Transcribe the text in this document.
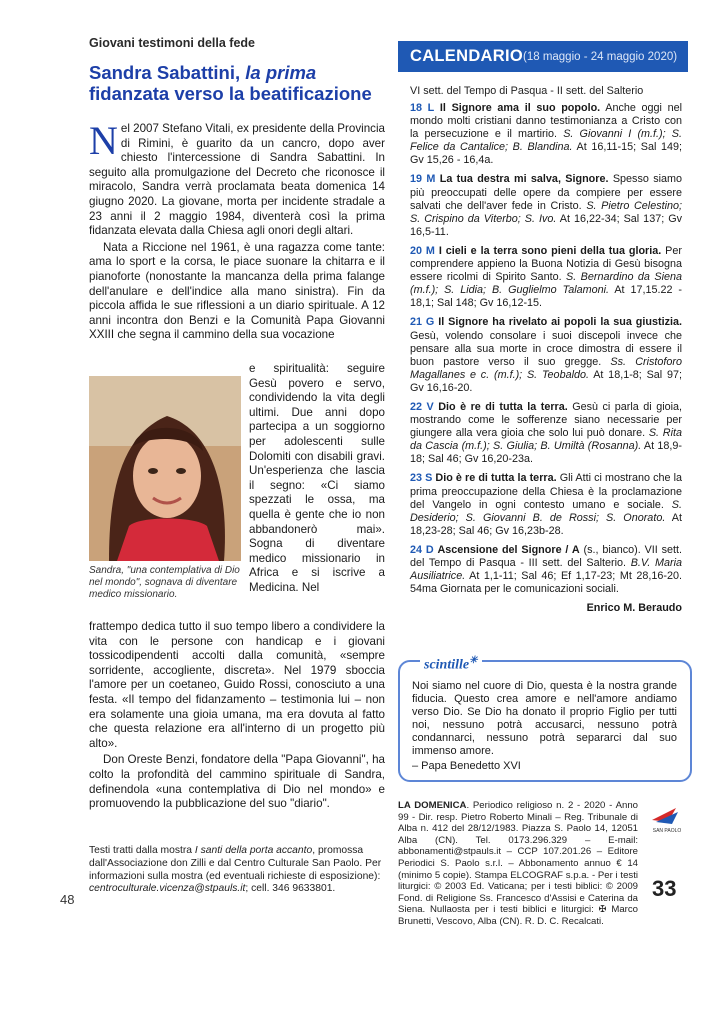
Giovani testimoni della fede
Sandra Sabattini, la prima
fidanzata verso la beatificazione

Nel 2007 Stefano Vitali, ex presidente della Provincia di Rimini, è guarito da un cancro, dopo aver chiesto l'intercessione di Sandra Sabattini. In seguito alla promulgazione del Decreto che riconosce il miracolo, Sandra verrà proclamata beata domenica 14 giugno 2020. La giovane, morta per incidente stradale a 23 anni il 2 maggio 1984, diventerà così la prima fidanzata elevata dalla Chiesa agli onori degli altari.

Nata a Riccione nel 1961, è una ragazza come tante: ama lo sport e la corsa, le piace suonare la chitarra e il pianoforte (nonostante la mancanza della prima falange dell'anulare e dell'indice alla mano sinistra). Fin da piccola affida le sue riflessioni a un diario spirituale. A 12 anni incontra don Benzi e la Comunità Papa Giovanni XXIII che segna il cammino della sua vocazione

e spiritualità: seguire Gesù povero e servo, condividendo la vita degli ultimi. Due anni dopo partecipa a un soggiorno per adolescenti sulle Dolomiti con disabili gravi. Un'esperienza che lascia il segno: «Ci siamo spezzati le ossa, ma quella è gente che io non abbandonerò mai». Sogna di diventare medico missionario in Africa e si iscrive a Medicina. Nel
Sandra, "una contemplativa di Dio nel mondo", sognava di diventare medico missionario.

frattempo dedica tutto il suo tempo libero a condividere la vita con le persone con handicap e i giovani tossicodipendenti accolti dalla comunità, «sempre sorridente, accogliente, discreta». Nel 1979 sboccia l'amore per un coetaneo, Guido Rossi, conosciuto a una festa. «Il tempo del fidanzamento – testimonia lui – non era solamente una gioia umana, ma era dovuta al fatto che questa relazione era all'interno di un progetto più alto».

Don Oreste Benzi, fondatore della "Papa Giovanni", ha colto la profondità del cammino spirituale di Sandra, definendola «una contemplativa di Dio nel mondo» e promuovendo la pubblicazione del suo "diario".

Testi tratti dalla mostra I santi della porta accanto, promossa dall'Associazione don Zilli e dal Centro Culturale San Paolo. Per informazioni sulla mostra (ed eventuali richieste di esposizione): centroculturale.vicenza@stpauls.it; cell. 346 9633801.
48
CALENDARIO (18 maggio - 24 maggio 2020)
VI sett. del Tempo di Pasqua - II sett. del Salterio
18 L Il Signore ama il suo popolo. Anche oggi nel mondo molti cristiani danno testimonianza a Cristo con la persecuzione e il martirio. S. Giovanni I (m.f.); S. Felice da Cantalice; B. Blandina. At 16,11-15; Sal 149; Gv 15,26 - 16,4a.
19 M La tua destra mi salva, Signore. Spesso siamo più preoccupati delle opere da compiere per essere salvati che dell'aver fede in Cristo. S. Pietro Celestino; S. Crispino da Viterbo; S. Ivo. At 16,22-34; Sal 137; Gv 16,5-11.
20 M I cieli e la terra sono pieni della tua gloria. Per comprendere appieno la Buona Notizia di Gesù bisogna essere ricolmi di Spirito Santo. S. Bernardino da Siena (m.f.); S. Lidia; B. Guglielmo Talamoni. At 17,15.22 - 18,1; Sal 148; Gv 16,12-15.
21 G Il Signore ha rivelato ai popoli la sua giustizia. Gesù, volendo consolare i suoi discepoli invece che pensare alla sua morte in croce dimostra di essere il buon pastore verso il suo gregge. Ss. Cristoforo Magallanes e c. (m.f.); S. Teobaldo. At 18,1-8; Sal 97; Gv 16,16-20.
22 V Dio è re di tutta la terra. Gesù ci parla di gioia, mostrando come le sofferenze siano necessarie per giungere alla vera gioia che solo lui può donare. S. Rita da Cascia (m.f.); S. Giulia; B. Umiltà (Rosanna). At 18,9-18; Sal 46; Gv 16,20-23a.
23 S Dio è re di tutta la terra. Gli Atti ci mostrano che la prima preoccupazione della Chiesa è la proclamazione del Vangelo in ogni contesto umano e sociale. S. Desiderio; S. Giovanni B. de Rossi; S. Onorato. At 18,23-28; Sal 46; Gv 16,23b-28.
24 D Ascensione del Signore / A (s., bianco). VII sett. del Tempo di Pasqua - III sett. del Salterio. B.V. Maria Ausiliatrice. At 1,1-11; Sal 46; Ef 1,17-23; Mt 28,16-20. 54ma Giornata per le comunicazioni sociali.
Enrico M. Beraudo
scintille✳
Noi siamo nel cuore di Dio, questa è la nostra grande fiducia. Questo crea amore e nell'amore andiamo verso Dio. Se Dio ha donato il proprio Figlio per tutti noi, nessuno potrà accusarci, nessuno potrà condannarci, nessuno potrà separarci dal suo immenso amore.
– Papa Benedetto XVI
LA DOMENICA. Periodico religioso n. 2 - 2020 - Anno 99 - Dir. resp. Pietro Roberto Minali – Reg. Tribunale di Alba n. 412 del 28/12/1983. Piazza S. Paolo 14, 12051 Alba (CN). Tel. 0173.296.329 – E-mail: abbonamenti@stpauls.it – CCP 107.201.26 – Editore Periodici S. Paolo s.r.l. – Abbonamento annuo € 14 (minimo 5 copie). Stampa ELCOGRAF s.p.a. - Per i testi liturgici: © 2003 Ed. Vaticana; per i testi biblici: © 2009 Fond. di Religione Ss. Francesco d'Assisi e Caterina da Siena. Nullaosta per i testi biblici e liturgici: ✠ Marco Brunetti, Vescovo, Alba (CN). R. D. C. Recalcati.
SAN PAOLO
33
